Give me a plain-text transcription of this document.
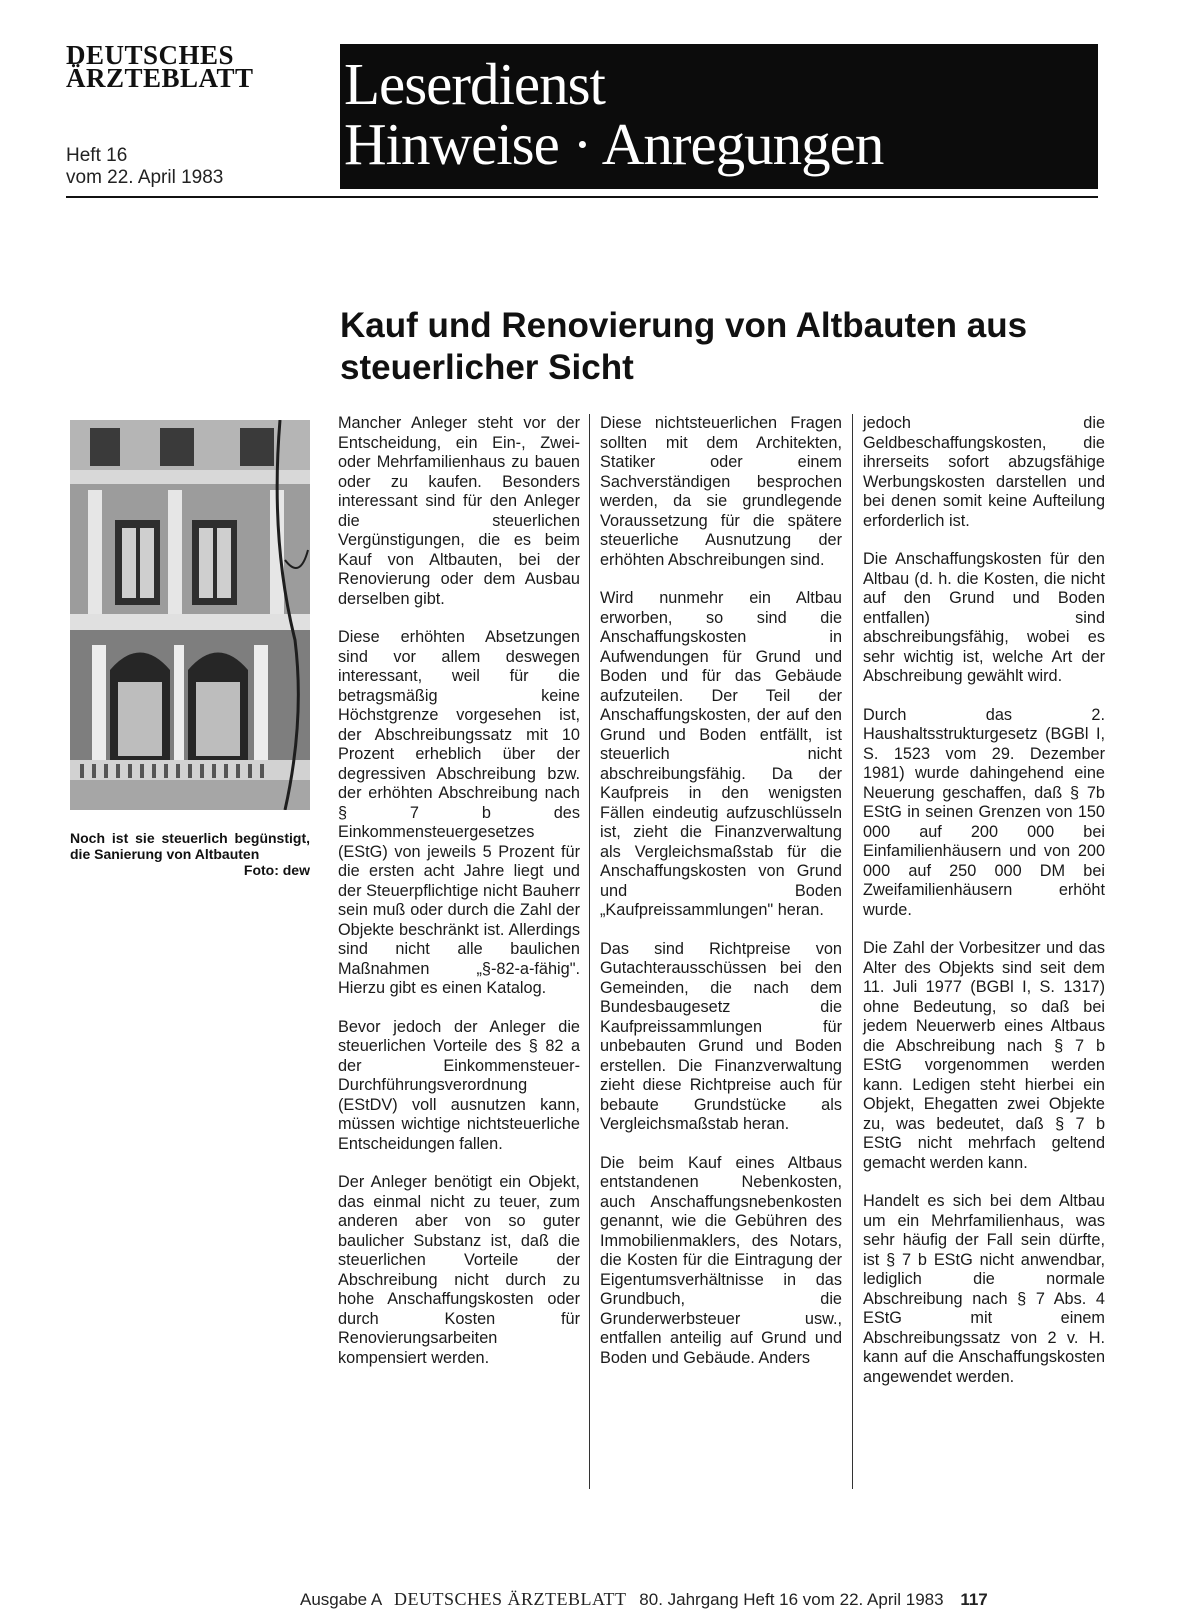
DEUTSCHES
ÄRZTEBLATT
Heft 16
vom 22. April 1983
Leserdienst
Hinweise · Anregungen
Kauf und Renovierung von Altbauten aus steuerlicher Sicht
Noch ist sie steuerlich begünstigt, die Sanierung von Altbauten
Foto: dew

Mancher Anleger steht vor der Entscheidung, ein Ein-, Zwei- oder Mehrfamilienhaus zu bauen oder zu kaufen. Besonders interessant sind für den Anleger die steuerlichen Vergünstigungen, die es beim Kauf von Altbauten, bei der Renovierung oder dem Ausbau derselben gibt.

Diese erhöhten Absetzungen sind vor allem deswegen interessant, weil für die betragsmäßig keine Höchstgrenze vorgesehen ist, der Abschreibungssatz mit 10 Prozent erheblich über der degressiven Abschreibung bzw. der erhöhten Abschreibung nach § 7 b des Einkommensteuergesetzes (EStG) von jeweils 5 Prozent für die ersten acht Jahre liegt und der Steuerpflichtige nicht Bauherr sein muß oder durch die Zahl der Objekte beschränkt ist. Allerdings sind nicht alle baulichen Maßnahmen „§-82-a-fähig". Hierzu gibt es einen Katalog.

Bevor jedoch der Anleger die steuerlichen Vorteile des § 82 a der Einkommensteuer-Durchführungsverordnung (EStDV) voll ausnutzen kann, müssen wichtige nichtsteuerliche Entscheidungen fallen.

Der Anleger benötigt ein Objekt, das einmal nicht zu teuer, zum anderen aber von so guter baulicher Substanz ist, daß die steuerlichen Vorteile der Abschreibung nicht durch zu hohe Anschaffungskosten oder durch Kosten für Renovierungsarbeiten kompensiert werden.

Diese nichtsteuerlichen Fragen sollten mit dem Architekten, Statiker oder einem Sachverständigen besprochen werden, da sie grundlegende Voraussetzung für die spätere steuerliche Ausnutzung der erhöhten Abschreibungen sind.

Wird nunmehr ein Altbau erworben, so sind die Anschaffungskosten in Aufwendungen für Grund und Boden und für das Gebäude aufzuteilen. Der Teil der Anschaffungskosten, der auf den Grund und Boden entfällt, ist steuerlich nicht abschreibungsfähig. Da der Kaufpreis in den wenigsten Fällen eindeutig aufzuschlüsseln ist, zieht die Finanzverwaltung als Vergleichsmaßstab für die Anschaffungskosten von Grund und Boden „Kaufpreissammlungen" heran.

Das sind Richtpreise von Gutachterausschüssen bei den Gemeinden, die nach dem Bundesbaugesetz die Kaufpreissammlungen für unbebauten Grund und Boden erstellen. Die Finanzverwaltung zieht diese Richtpreise auch für bebaute Grundstücke als Vergleichsmaßstab heran.

Die beim Kauf eines Altbaus entstandenen Nebenkosten, auch Anschaffungsnebenkosten genannt, wie die Gebühren des Immobilienmaklers, des Notars, die Kosten für die Eintragung der Eigentumsverhältnisse in das Grundbuch, die Grunderwerbsteuer usw., entfallen anteilig auf Grund und Boden und Gebäude. Anders

jedoch die Geldbeschaffungskosten, die ihrerseits sofort abzugsfähige Werbungskosten darstellen und bei denen somit keine Aufteilung erforderlich ist.

Die Anschaffungskosten für den Altbau (d. h. die Kosten, die nicht auf den Grund und Boden entfallen) sind abschreibungsfähig, wobei es sehr wichtig ist, welche Art der Abschreibung gewählt wird.

Durch das 2. Haushaltsstrukturgesetz (BGBl I, S. 1523 vom 29. Dezember 1981) wurde dahingehend eine Neuerung geschaffen, daß § 7b EStG in seinen Grenzen von 150 000 auf 200 000 bei Einfamilienhäusern und von 200 000 auf 250 000 DM bei Zweifamilienhäusern erhöht wurde.

Die Zahl der Vorbesitzer und das Alter des Objekts sind seit dem 11. Juli 1977 (BGBl I, S. 1317) ohne Bedeutung, so daß bei jedem Neuerwerb eines Altbaus die Abschreibung nach § 7 b EStG vorgenommen werden kann. Ledigen steht hierbei ein Objekt, Ehegatten zwei Objekte zu, was bedeutet, daß § 7 b EStG nicht mehrfach geltend gemacht werden kann.

Handelt es sich bei dem Altbau um ein Mehrfamilienhaus, was sehr häufig der Fall sein dürfte, ist § 7 b EStG nicht anwendbar, lediglich die normale Abschreibung nach § 7 Abs. 4 EStG mit einem Abschreibungssatz von 2 v. H. kann auf die Anschaffungskosten angewendet werden.

Ausgabe A DEUTSCHES ÄRZTEBLATT 80. Jahrgang Heft 16 vom 22. April 1983 117
